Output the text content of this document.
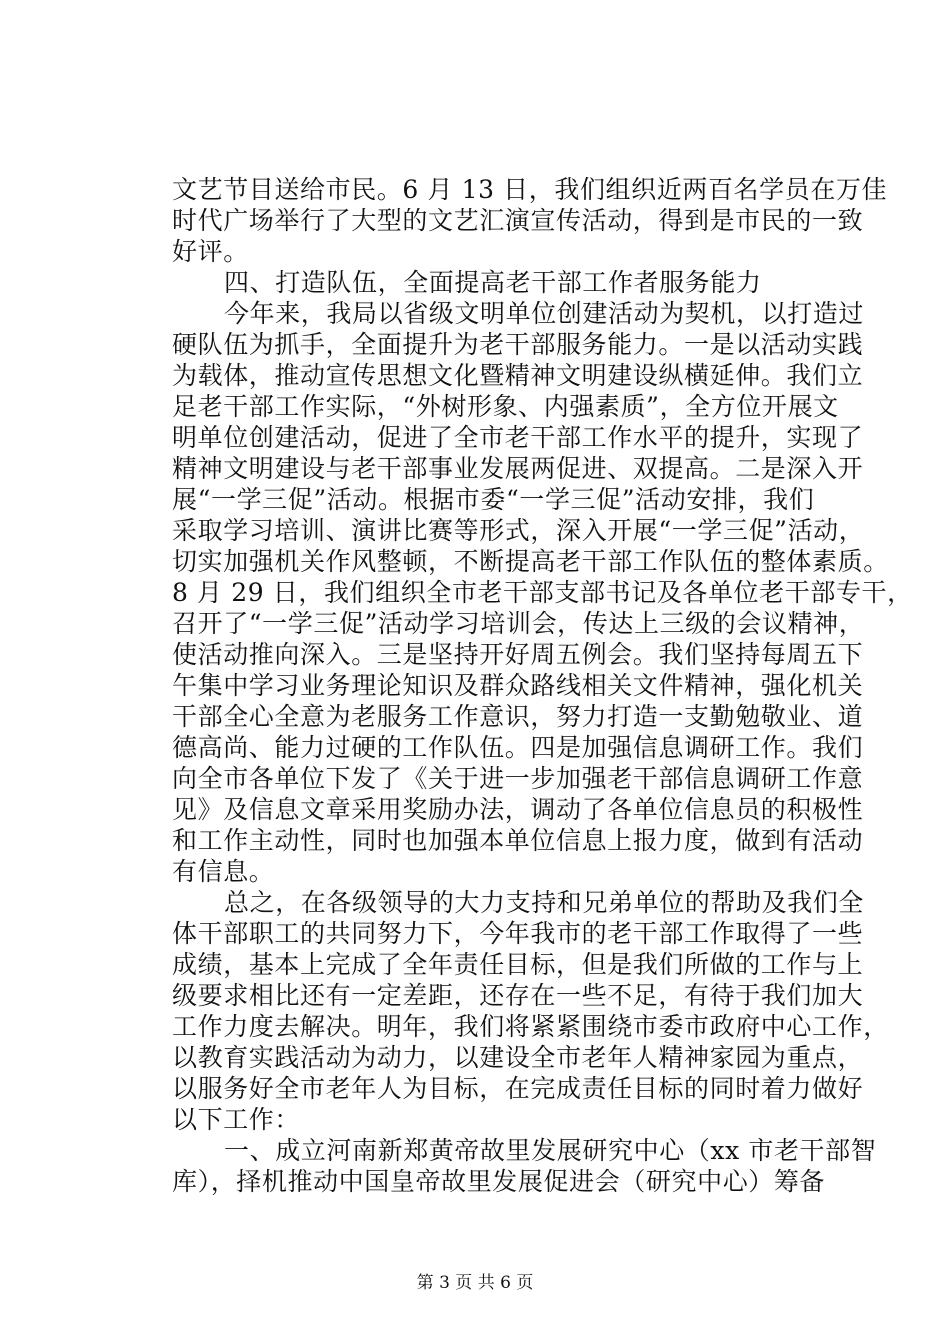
文艺节目送给市民。6 月 13 日，我们组织近两百名学员在万佳
时代广场举行了大型的文艺汇演宣传活动，得到是市民的一致
好评。
四、打造队伍，全面提高老干部工作者服务能力
今年来，我局以省级文明单位创建活动为契机，以打造过
硬队伍为抓手，全面提升为老干部服务能力。一是以活动实践
为载体，推动宣传思想文化暨精神文明建设纵横延伸。我们立
足老干部工作实际，“外树形象、内强素质”，全方位开展文
明单位创建活动，促进了全市老干部工作水平的提升，实现了
精神文明建设与老干部事业发展两促进、双提高。二是深入开
展“一学三促”活动。根据市委“一学三促”活动安排，我们
采取学习培训、演讲比赛等形式，深入开展“一学三促”活动，
切实加强机关作风整顿，不断提高老干部工作队伍的整体素质。
8 月 29 日，我们组织全市老干部支部书记及各单位老干部专干，
召开了“一学三促”活动学习培训会，传达上三级的会议精神，
使活动推向深入。三是坚持开好周五例会。我们坚持每周五下
午集中学习业务理论知识及群众路线相关文件精神，强化机关
干部全心全意为老服务工作意识，努力打造一支勤勉敬业、道
德高尚、能力过硬的工作队伍。四是加强信息调研工作。我们
向全市各单位下发了《关于进一步加强老干部信息调研工作意
见》及信息文章采用奖励办法，调动了各单位信息员的积极性
和工作主动性，同时也加强本单位信息上报力度，做到有活动
有信息。
总之，在各级领导的大力支持和兄弟单位的帮助及我们全
体干部职工的共同努力下，今年我市的老干部工作取得了一些
成绩，基本上完成了全年责任目标，但是我们所做的工作与上
级要求相比还有一定差距，还存在一些不足，有待于我们加大
工作力度去解决。明年，我们将紧紧围绕市委市政府中心工作，
以教育实践活动为动力，以建设全市老年人精神家园为重点，
以服务好全市老年人为目标，在完成责任目标的同时着力做好
以下工作：
一、成立河南新郑黄帝故里发展研究中心（xx 市老干部智
库），择机推动中国皇帝故里发展促进会（研究中心）筹备
第 3 页 共 6 页
